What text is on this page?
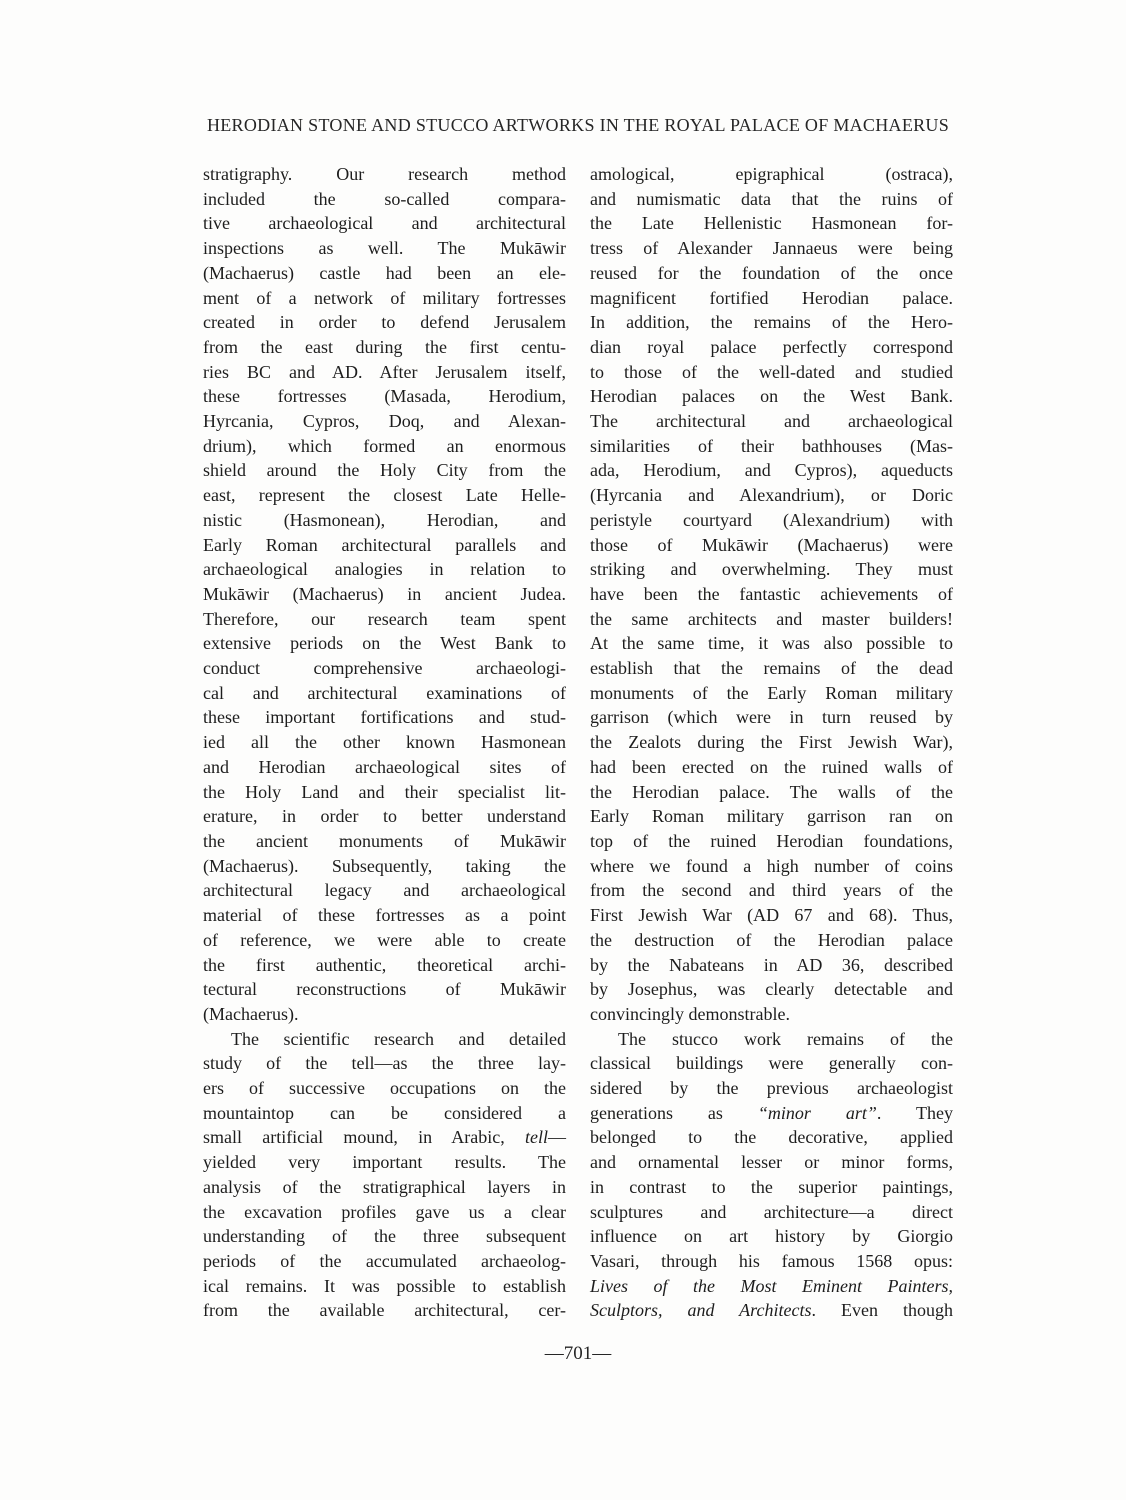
HERODIAN STONE AND STUCCO ARTWORKS IN THE ROYAL PALACE OF MACHAERUS
stratigraphy. Our research method
included the so-called compara-
tive archaeological and architectural
inspections as well. The Mukāwir
(Machaerus) castle had been an ele-
ment of a network of military fortresses
created in order to defend Jerusalem
from the east during the first centu-
ries BC and AD. After Jerusalem itself,
these fortresses (Masada, Herodium,
Hyrcania, Cypros, Doq, and Alexan-
drium), which formed an enormous
shield around the Holy City from the
east, represent the closest Late Helle-
nistic (Hasmonean), Herodian, and
Early Roman architectural parallels and
archaeological analogies in relation to
Mukāwir (Machaerus) in ancient Judea.
Therefore, our research team spent
extensive periods on the West Bank to
conduct comprehensive archaeologi-
cal and architectural examinations of
these important fortifications and stud-
ied all the other known Hasmonean
and Herodian archaeological sites of
the Holy Land and their specialist lit-
erature, in order to better understand
the ancient monuments of Mukāwir
(Machaerus). Subsequently, taking the
architectural legacy and archaeological
material of these fortresses as a point
of reference, we were able to create
the first authentic, theoretical archi-
tectural reconstructions of Mukāwir
(Machaerus).
The scientific research and detailed
study of the tell—as the three lay-
ers of successive occupations on the
mountaintop can be considered a
small artificial mound, in Arabic, tell—
yielded very important results. The
analysis of the stratigraphical layers in
the excavation profiles gave us a clear
understanding of the three subsequent
periods of the accumulated archaeolog-
ical remains. It was possible to establish
from the available architectural, cer-
amological, epigraphical (ostraca),
and numismatic data that the ruins of
the Late Hellenistic Hasmonean for-
tress of Alexander Jannaeus were being
reused for the foundation of the once
magnificent fortified Herodian palace.
In addition, the remains of the Hero-
dian royal palace perfectly correspond
to those of the well-dated and studied
Herodian palaces on the West Bank.
The architectural and archaeological
similarities of their bathhouses (Mas-
ada, Herodium, and Cypros), aqueducts
(Hyrcania and Alexandrium), or Doric
peristyle courtyard (Alexandrium) with
those of Mukāwir (Machaerus) were
striking and overwhelming. They must
have been the fantastic achievements of
the same architects and master builders!
At the same time, it was also possible to
establish that the remains of the dead
monuments of the Early Roman military
garrison (which were in turn reused by
the Zealots during the First Jewish War),
had been erected on the ruined walls of
the Herodian palace. The walls of the
Early Roman military garrison ran on
top of the ruined Herodian foundations,
where we found a high number of coins
from the second and third years of the
First Jewish War (AD 67 and 68). Thus,
the destruction of the Herodian palace
by the Nabateans in AD 36, described
by Josephus, was clearly detectable and
convincingly demonstrable.
The stucco work remains of the
classical buildings were generally con-
sidered by the previous archaeologist
generations as “minor art”. They
belonged to the decorative, applied
and ornamental lesser or minor forms,
in contrast to the superior paintings,
sculptures and architecture—a direct
influence on art history by Giorgio
Vasari, through his famous 1568 opus:
Lives of the Most Eminent Painters,
Sculptors, and Architects. Even though
—701—
